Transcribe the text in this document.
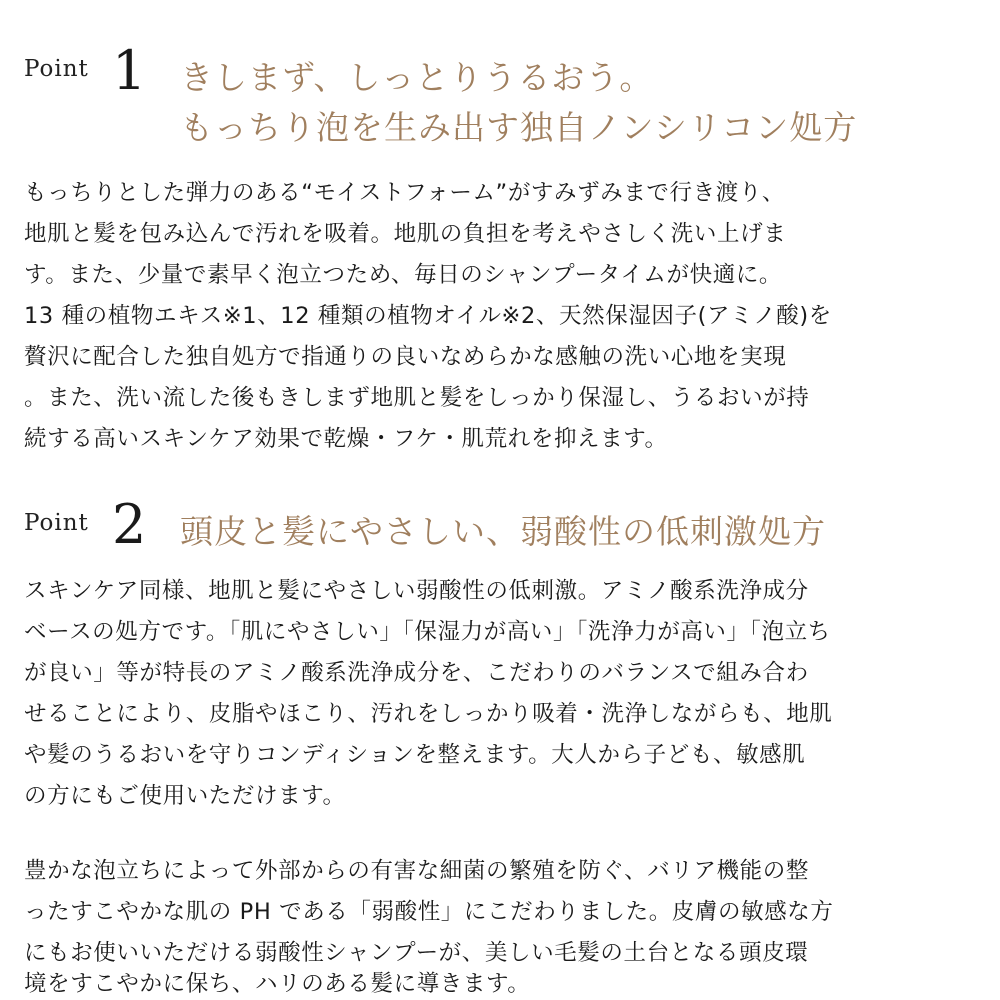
Point 1 きしまず、しっとりうるおう。
もっちり泡を生み出す独自ノンシリコン処方
もっちりとした弾力のある“モイストフォーム”がすみずみまで行き渡り、
地肌と髪を包み込んで汚れを吸着。地肌の負担を考えやさしく洗い上げま
す。また、少量で素早く泡立つため、毎日のシャンプータイムが快適に。
13 種の植物エキス※1、12 種類の植物オイル※2、天然保湿因子(アミノ酸)を
贅沢に配合した独自処方で指通りの良いなめらかな感触の洗い心地を実現
。また、洗い流した後もきしまず地肌と髪をしっかり保湿し、うるおいが持
続する高いスキンケア効果で乾燥・フケ・肌荒れを抑えます。
Point 2 頭皮と髪にやさしい、弱酸性の低刺激処方
スキンケア同様、地肌と髪にやさしい弱酸性の低刺激。アミノ酸系洗浄成分
ベースの処方です。「肌にやさしい」「保湿力が高い」「洗浄力が高い」「泡立ち
が良い」等が特長のアミノ酸系洗浄成分を、こだわりのバランスで組み合わ
せることにより、皮脂やほこり、汚れをしっかり吸着・洗浄しながらも、地肌
や髪のうるおいを守りコンディションを整えます。大人から子ども、敏感肌
の方にもご使用いただけます。
豊かな泡立ちによって外部からの有害な細菌の繁殖を防ぐ、バリア機能の整
ったすこやかな肌の PH である「弱酸性」にこだわりました。皮膚の敏感な方
にもお使いいただける弱酸性シャンプーが、美しい毛髪の土台となる頭皮環
境をすこやかに保ち、ハリのある髪に導きます。
